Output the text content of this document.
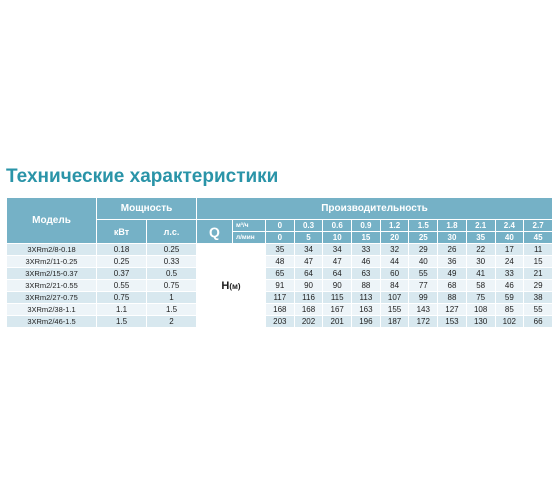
Технические характеристики
Модель	Мощность		Производительность											
	кВт	л.с.	Q	м³/ч	0	0.3	0.6	0.9	1.2	1.5	1.8	2.1	2.4	2.7
				л/мин	0	5	10	15	20	25	30	35	40	45
3XRm2/8-0.18	0.18	0.25	H(м)		35	34	34	33	32	29	26	22	17	11
3XRm2/11-0.25	0.25	0.33			48	47	47	46	44	40	36	30	24	15
3XRm2/15-0.37	0.37	0.5			65	64	64	63	60	55	49	41	33	21
3XRm2/21-0.55	0.55	0.75			91	90	90	88	84	77	68	58	46	29
3XRm2/27-0.75	0.75	1			117	116	115	113	107	99	88	75	59	38
3XRm2/38-1.1	1.1	1.5			168	168	167	163	155	143	127	108	85	55
3XRm2/46-1.5	1.5	2			203	202	201	196	187	172	153	130	102	66
